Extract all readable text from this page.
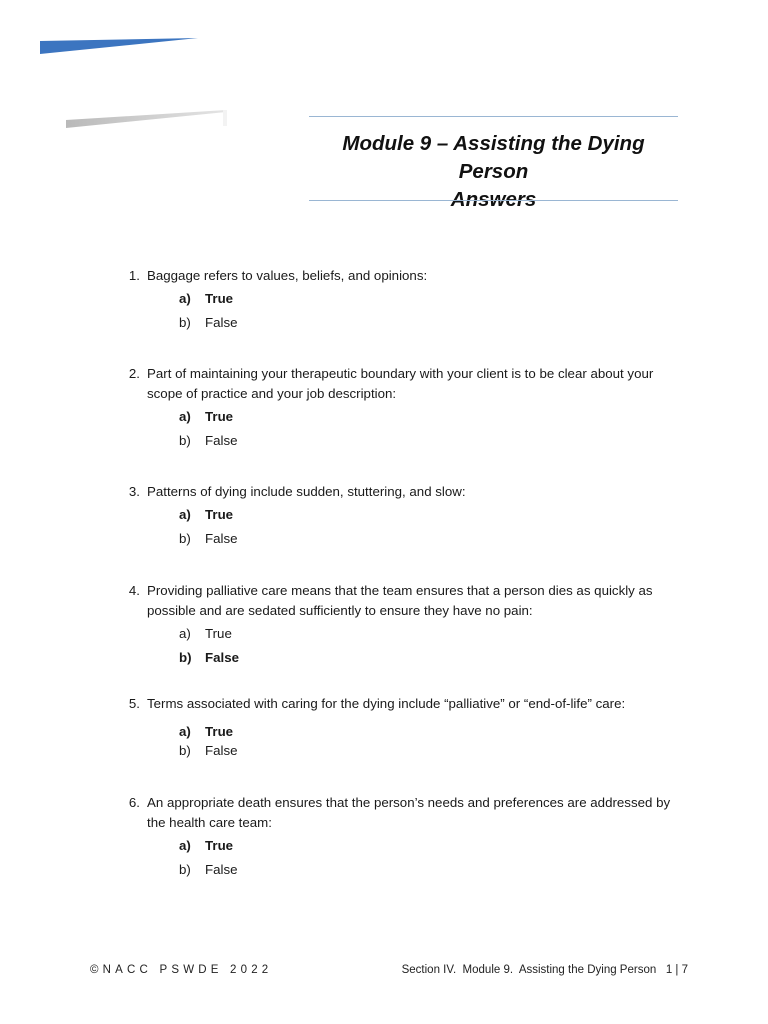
Module 9 – Assisting the Dying Person
Answers
1. Baggage refers to values, beliefs, and opinions:
a)	True
b)	False
2. Part of maintaining your therapeutic boundary with your client is to be clear about your
scope of practice and your job description:
a)	True
b)	False
3. Patterns of dying include sudden, stuttering, and slow:
a)	True
b)	False
4. Providing palliative care means that the team ensures that a person dies as quickly as
possible and are sedated sufficiently to ensure they have no pain:
a)	True
b)	False
5. Terms associated with caring for the dying include “palliative” or “end-of-life” care:
a)	True
b)	False
6. An appropriate death ensures that the person’s needs and preferences are addressed by
the health care team:
a)	True
b)	False
©NACC PSWDE 2022	Section IV.  Module 9.  Assisting the Dying Person   1 | 7
